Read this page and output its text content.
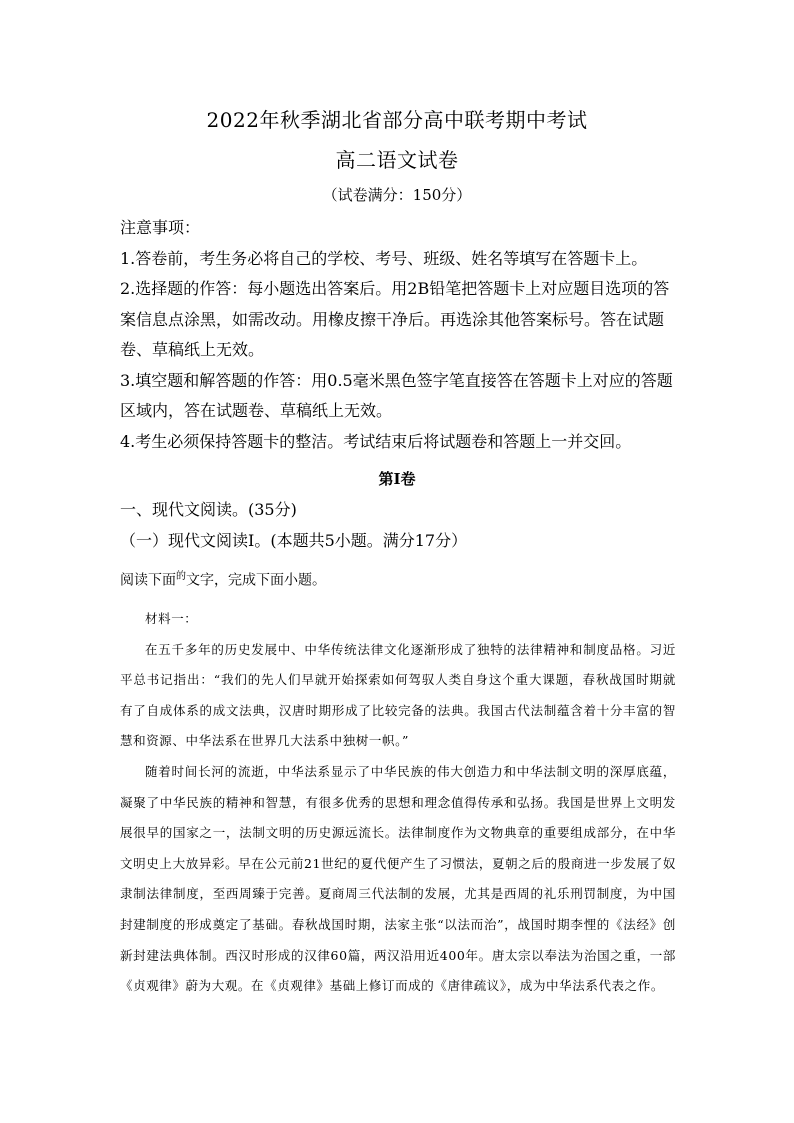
2022年秋季湖北省部分高中联考期中考试
高二语文试卷
（试卷满分：150分）

注意事项：

1.答卷前，考生务必将自己的学校、考号、班级、姓名等填写在答题卡上。

2.选择题的作答：每小题选出答案后。用2B铅笔把答题卡上对应题目选项的答案信息点涂黑，如需改动。用橡皮擦干净后。再选涂其他答案标号。答在试题卷、草稿纸上无效。

3.填空题和解答题的作答：用0.5毫米黑色签字笔直接答在答题卡上对应的答题区域内，答在试题卷、草稿纸上无效。

4.考生必须保持答题卡的整洁。考试结束后将试题卷和答题上一并交回。

第Ⅰ卷
一、现代文阅读。(35分)
（一）现代文阅读Ⅰ。(本题共5小题。满分17分）
阅读下面$^的$文字，完成下面小题。

材料一：

在五千多年的历史发展中、中华传统法律文化逐渐形成了独特的法律精神和制度品格。习近平总书记指出：“我们的先人们早就开始探索如何驾驭人类自身这个重大课题，春秋战国时期就有了自成体系的成文法典，汉唐时期形成了比较完备的法典。我国古代法制蕴含着十分丰富的智慧和资源、中华法系在世界几大法系中独树一帜。”

随着时间长河的流逝，中华法系显示了中华民族的伟大创造力和中华法制文明的深厚底蕴，凝聚了中华民族的精神和智慧，有很多优秀的思想和理念值得传承和弘扬。我国是世界上文明发展很早的国家之一，法制文明的历史源远流长。法律制度作为文物典章的重要组成部分，在中华文明史上大放异彩。早在公元前21世纪的夏代便产生了习惯法，夏朝之后的殷商进一步发展了奴隶制法律制度，至西周臻于完善。夏商周三代法制的发展，尤其是西周的礼乐刑罚制度，为中国封建制度的形成奠定了基础。春秋战国时期，法家主张“以法而治”，战国时期李悝的《法经》创新封建法典体制。西汉时形成的汉律60篇，两汉沿用近400年。唐太宗以奉法为治国之重，一部《贞观律》蔚为大观。在《贞观律》基础上修订而成的《唐律疏议》，成为中华法系代表之作。
